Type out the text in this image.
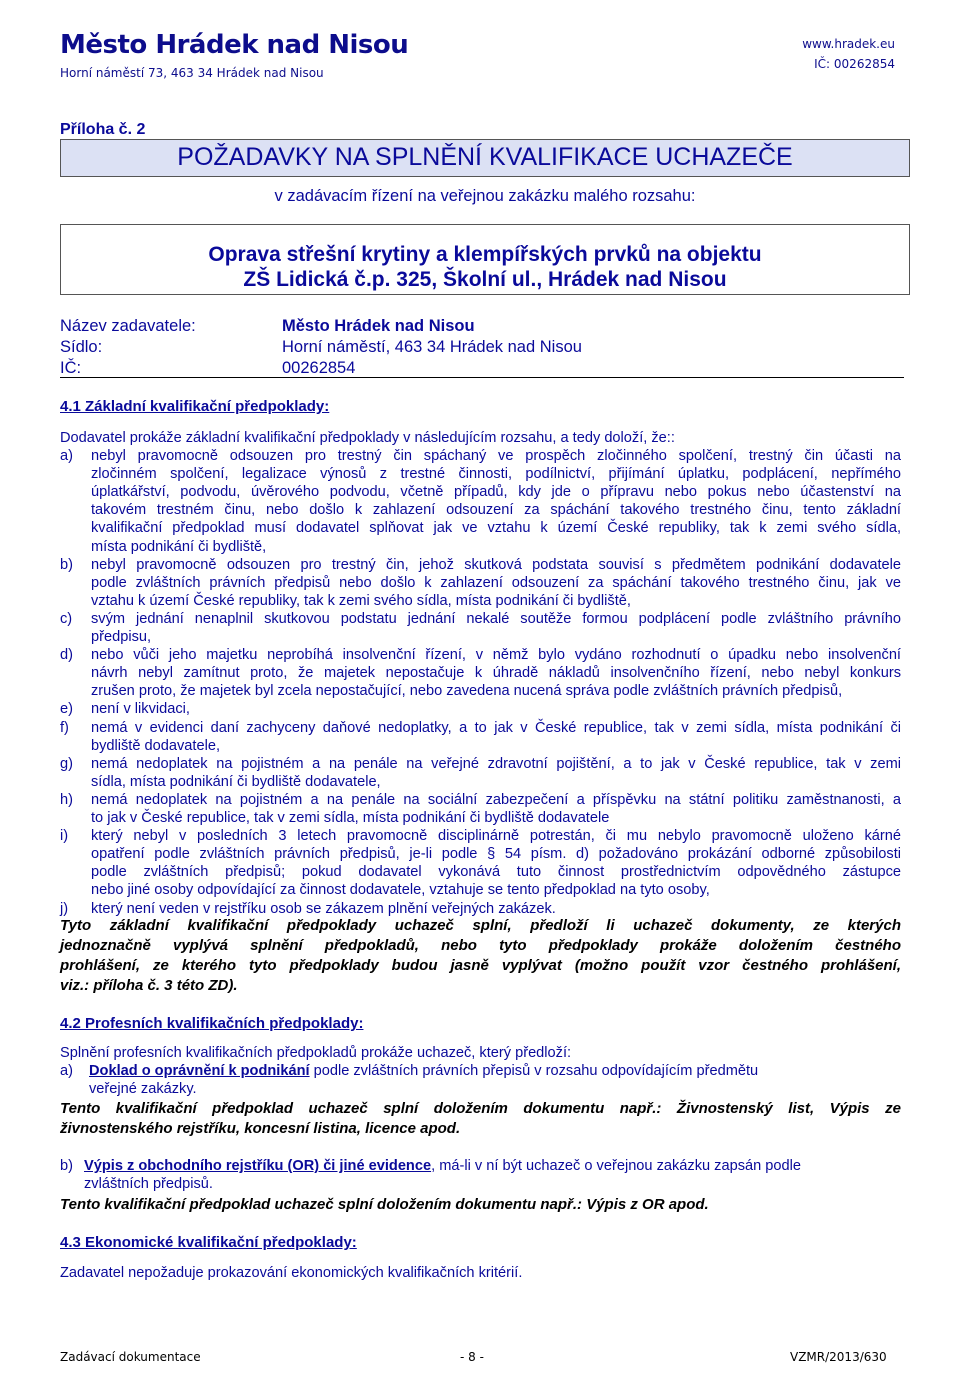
Město Hrádek nad Nisou
Horní náměstí 73, 463 34 Hrádek nad Nisou
www.hradek.eu
IČ: 00262854
Příloha č. 2
POŽADAVKY NA SPLNĚNÍ KVALIFIKACE UCHAZEČE
v zadávacím řízení na veřejnou zakázku malého rozsahu:
Oprava střešní krytiny a klempířských prvků na objektu
ZŠ Lidická č.p. 325, Školní ul., Hrádek nad Nisou
Název zadavatele:	Město Hrádek nad Nisou
Sídlo:	Horní náměstí, 463 34 Hrádek nad Nisou
IČ:	00262854
4.1 Základní kvalifikační předpoklady:
Dodavatel prokáže základní kvalifikační předpoklady v následujícím rozsahu, a tedy doloží, že::
a) nebyl pravomocně odsouzen pro trestný čin spáchaný ve prospěch zločinného spolčení, trestný čin účasti na
zločinném spolčení, legalizace výnosů z trestné činnosti, podílnictví, přijímání úplatku, podplácení, nepřímého
úplatkářství, podvodu, úvěrového podvodu, včetně případů, kdy jde o přípravu nebo pokus nebo účastenství na
takovém trestném činu, nebo došlo k zahlazení odsouzení za spáchání takového trestného činu, tento základní
kvalifikační předpoklad musí dodavatel splňovat jak ve vztahu k území České republiky, tak k zemi svého sídla,
místa podnikání či bydliště,
b) nebyl pravomocně odsouzen pro trestný čin, jehož skutková podstata souvisí s předmětem podnikání dodavatele
podle zvláštních právních předpisů nebo došlo k zahlazení odsouzení za spáchání takového trestného činu, jak ve
vztahu k území České republiky, tak k zemi svého sídla, místa podnikání či bydliště,
c) svým jednání nenaplnil skutkovou podstatu jednání nekalé soutěže formou podplácení podle zvláštního právního
předpisu,
d) nebo vůči jeho majetku neprobíhá insolvenční řízení, v němž bylo vydáno rozhodnutí o úpadku nebo insolvenční
návrh nebyl zamítnut proto, že majetek nepostačuje k úhradě nákladů insolvenčního řízení, nebo nebyl konkurs
zrušen proto, že majetek byl zcela nepostačující, nebo zavedena nucená správa podle zvláštních právních předpisů,
e) není v likvidaci,
f) nemá v evidenci daní zachyceny daňové nedoplatky, a to jak v České republice, tak v zemi sídla, místa podnikání či
bydliště dodavatele,
g) nemá nedoplatek na pojistném a na penále na veřejné zdravotní pojištění, a to jak v České republice, tak v zemi
sídla, místa podnikání či bydliště dodavatele,
h) nemá nedoplatek na pojistném a na penále na sociální zabezpečení a příspěvku na státní politiku zaměstnanosti, a
to jak v České republice, tak v zemi sídla, místa podnikání či bydliště dodavatele
i) který nebyl v posledních 3 letech pravomocně disciplinárně potrestán, či mu nebylo pravomocně uloženo kárné
opatření podle zvláštních právních předpisů, je-li podle § 54 písm. d) požadováno prokázání odborné způsobilosti
podle zvláštních předpisů; pokud dodavatel vykonává tuto činnost prostřednictvím odpovědného zástupce
nebo jiné osoby odpovídající za činnost dodavatele, vztahuje se tento předpoklad na tyto osoby,
j) který není veden v rejstříku osob se zákazem plnění veřejných zakázek.
Tyto základní kvalifikační předpoklady uchazeč splní, předloží li uchazeč dokumenty, ze kterých
jednoznačně vyplývá splnění předpokladů, nebo tyto předpoklady prokáže doložením čestného
prohlášení, ze kterého tyto předpoklady budou jasně vyplývat (možno použít vzor čestného prohlášení,
viz.: příloha č. 3 této ZD).
4.2 Profesních kvalifikačních předpoklady:
Splnění profesních kvalifikačních předpokladů prokáže uchazeč, který předloží:
a) Doklad o oprávnění k podnikání podle zvláštních právních přepisů v rozsahu odpovídajícím předmětu
veřejné zakázky.
Tento kvalifikační předpoklad uchazeč splní doložením dokumentu např.: Živnostenský list, Výpis ze
živnostenského rejstříku, koncesní listina, licence apod.
b) Výpis z obchodního rejstříku (OR) či jiné evidence, má-li v ní být uchazeč o veřejnou zakázku zapsán podle
zvláštních předpisů.
Tento kvalifikační předpoklad uchazeč splní doložením dokumentu např.: Výpis z OR apod.
4.3 Ekonomické kvalifikační předpoklady:
Zadavatel nepožaduje prokazování ekonomických kvalifikačních kritérií.
Zadávací dokumentace	- 8 -	VZMR/2013/630
